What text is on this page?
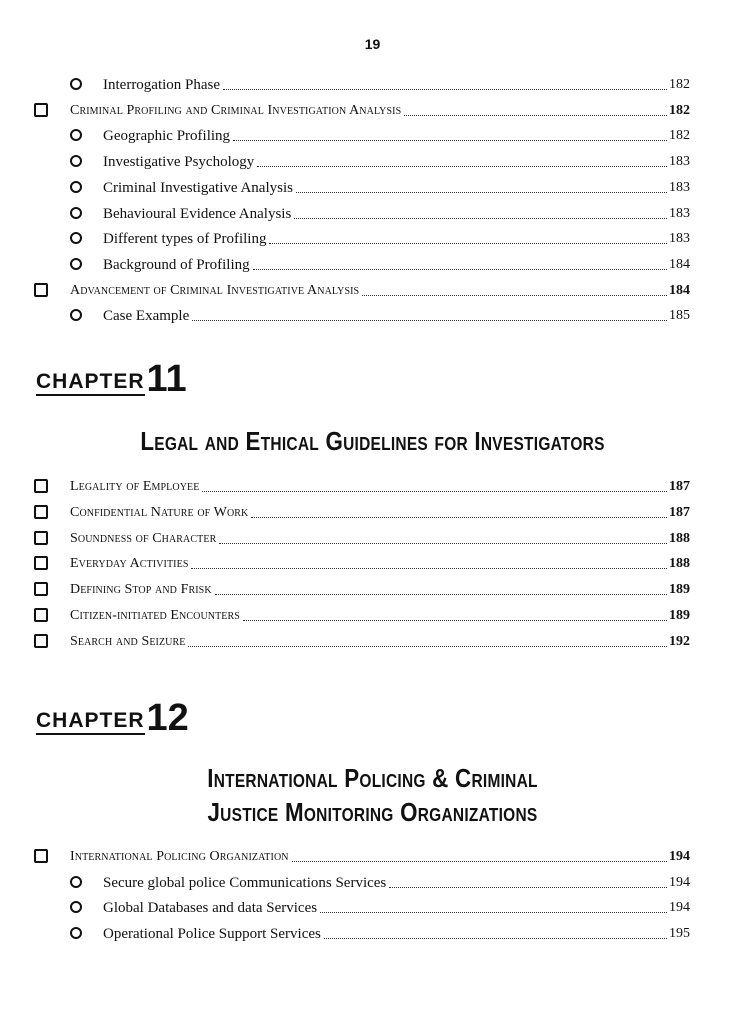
19
Interrogation Phase	182
Criminal Profiling and Criminal Investigation Analysis	182
Geographic Profiling	182
Investigative Psychology	183
Criminal Investigative Analysis	183
Behavioural Evidence Analysis	183
Different types of Profiling	183
Background of Profiling	184
Advancement of Criminal Investigative Analysis	184
Case Example	185
CHAPTER 11
Legal and Ethical Guidelines for Investigators
Legality of Employee	187
Confidential Nature of Work	187
Soundness of Character	188
Everyday Activities	188
Defining Stop and Frisk	189
Citizen-initiated Encounters	189
Search and Seizure	192
CHAPTER 12
International Policing & Criminal
Justice Monitoring Organizations
International Policing Organization	194
Secure global police Communications Services	194
Global Databases and data Services	194
Operational Police Support Services	195
